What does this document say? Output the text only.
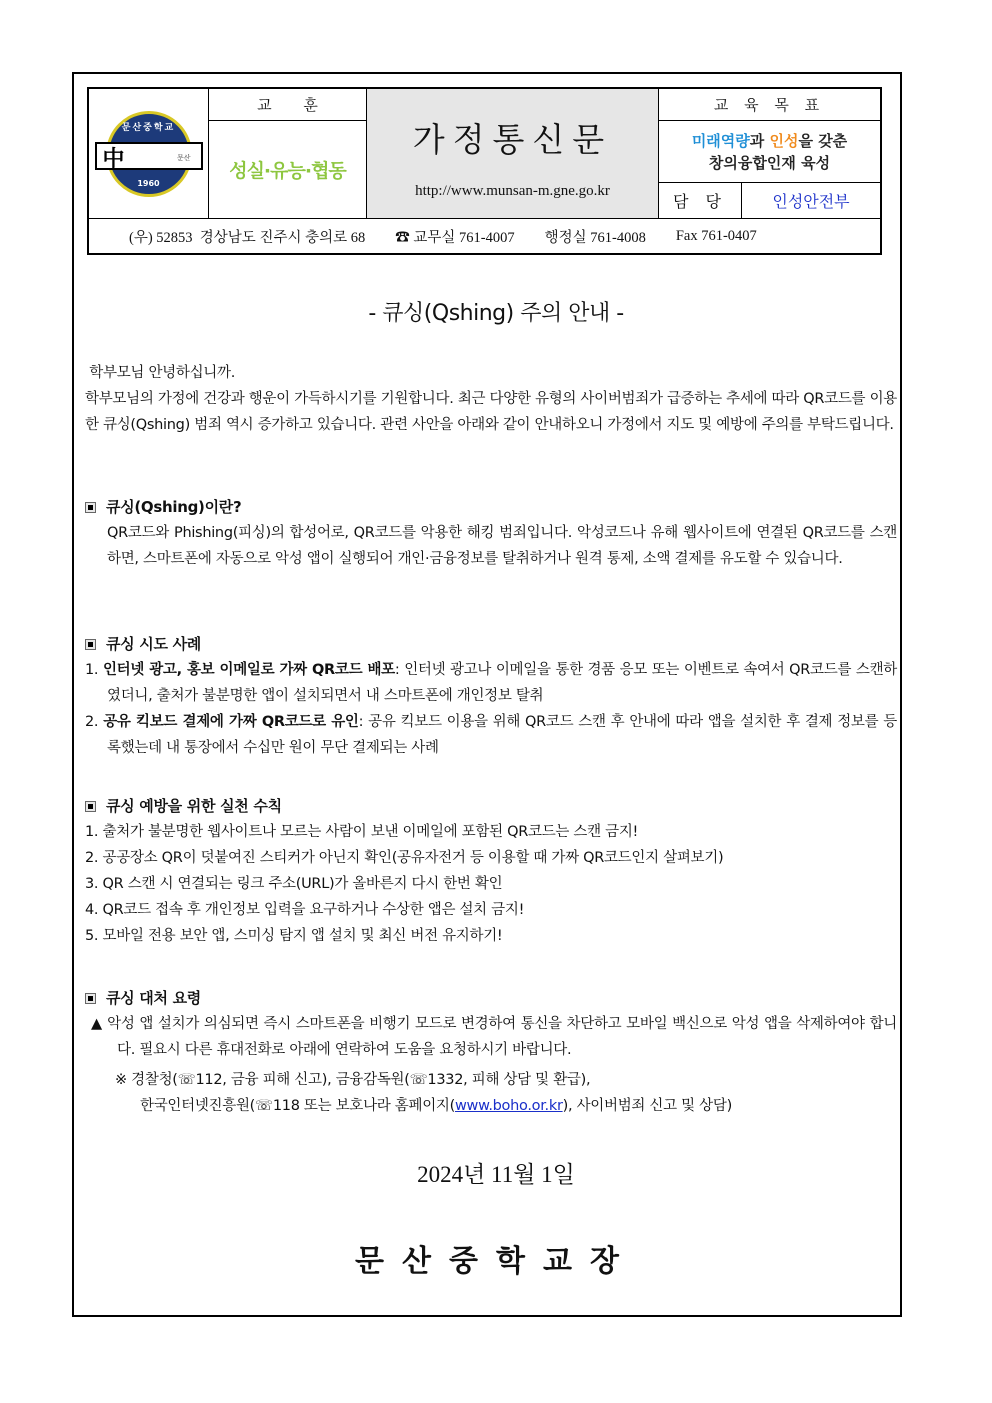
문산중학교
中	문산
1960
교 훈
성실·유능·협동
가정통신문
http://www.munsan-m.gne.go.kr
교 육 목 표
미래역량과 인성을 갖춘
창의융합인재 육성
담 당	인성안전부
(우) 52853  경상남도 진주시 충의로 68 ☎ 교무실 761-4007 행정실 761-4008 Fax 761-0407
- 큐싱(Qshing) 주의 안내 -

학부모님 안녕하십니까.

학부모님의 가정에 건강과 행운이 가득하시기를 기원합니다. 최근 다양한 유형의 사이버범죄가 급증하는 추세에 따라 QR코드를 이용한 큐싱(Qshing) 범죄 역시 증가하고 있습니다. 관련 사안을 아래와 같이 안내하오니 가정에서 지도 및 예방에 주의를 부탁드립니다.

큐싱(Qshing)이란?

QR코드와 Phishing(피싱)의 합성어로, QR코드를 악용한 해킹 범죄입니다. 악성코드나 유해 웹사이트에 연결된 QR코드를 스캔하면, 스마트폰에 자동으로 악성 앱이 실행되어 개인·금융정보를 탈취하거나 원격 통제, 소액 결제를 유도할 수 있습니다.

큐싱 시도 사례

1. 인터넷 광고, 홍보 이메일로 가짜 QR코드 배포: 인터넷 광고나 이메일을 통한 경품 응모 또는 이벤트로 속여서 QR코드를 스캔하였더니, 출처가 불분명한 앱이 설치되면서 내 스마트폰에 개인정보 탈취

2. 공유 킥보드 결제에 가짜 QR코드로 유인: 공유 킥보드 이용을 위해 QR코드 스캔 후 안내에 따라 앱을 설치한 후 결제 정보를 등록했는데 내 통장에서 수십만 원이 무단 결제되는 사례

큐싱 예방을 위한 실천 수칙

1. 출처가 불분명한 웹사이트나 모르는 사람이 보낸 이메일에 포함된 QR코드는 스캔 금지!

2. 공공장소 QR이 덧붙여진 스티커가 아닌지 확인(공유자전거 등 이용할 때 가짜 QR코드인지 살펴보기)

3. QR 스캔 시 연결되는 링크 주소(URL)가 올바른지 다시 한번 확인

4. QR코드 접속 후 개인정보 입력을 요구하거나 수상한 앱은 설치 금지!

5. 모바일 전용 보안 앱, 스미싱 탐지 앱 설치 및 최신 버전 유지하기!

큐싱 대처 요령

▲ 악성 앱 설치가 의심되면 즉시 스마트폰을 비행기 모드로 변경하여 통신을 차단하고 모바일 백신으로 악성 앱을 삭제하여야 합니다. 필요시 다른 휴대전화로 아래에 연락하여 도움을 요청하시기 바랍니다.

※ 경찰청(☏112, 금융 피해 신고), 금융감독원(☏1332, 피해 상담 및 환급),

한국인터넷진흥원(☏118 또는 보호나라 홈페이지(www.boho.or.kr), 사이버범죄 신고 및 상담)

2024년 11월 1일
문산중학교장
